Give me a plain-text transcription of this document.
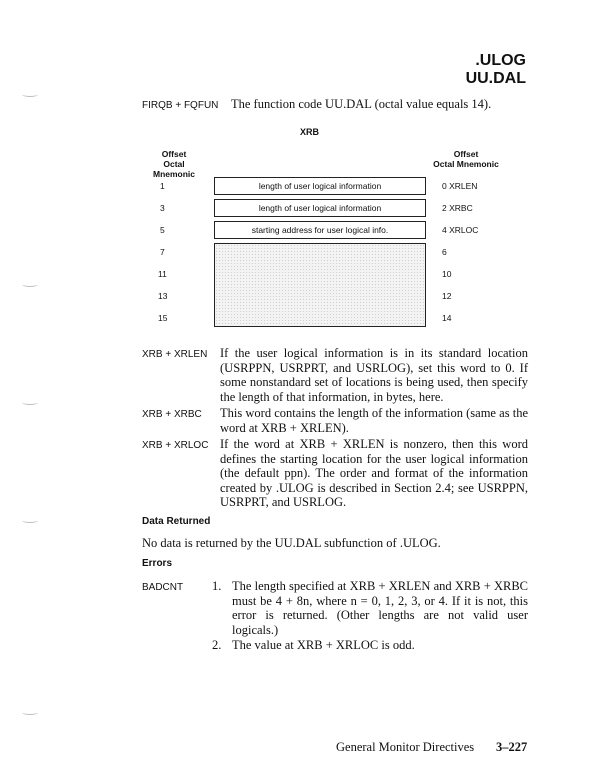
.ULOG
UU.DAL
FIRQB + FQFUN The function code UU.DAL (octal value equals 14).
XRB
Offset
Octal Mnemonic
Offset
Octal Mnemonic
length of user logical information
length of user logical information
starting address for user logical info.
1
3
5
7
11
13
15
0 XRLEN
2 XRBC
4 XRLOC
6
10
12
14
XRB + XRLEN If the user logical information is in its standard location (USRPPN, USRPRT, and USRLOG), set this word to 0. If some nonstandard set of locations is being used, then specify the length of that information, in bytes, here.
XRB + XRBC This word contains the length of the information (same as the word at XRB + XRLEN).
XRB + XRLOC If the word at XRB + XRLEN is nonzero, then this word defines the starting location for the user logical information (the default ppn). The order and format of the information created by .ULOG is described in Section 2.4; see USRPPN, USRPRT, and USRLOG.
Data Returned
No data is returned by the UU.DAL subfunction of .ULOG.
Errors
BADCNT 1. The length specified at XRB + XRLEN and XRB + XRBC must be 4 + 8n, where n = 0, 1, 2, 3, or 4. If it is not, this error is returned. (Other lengths are not valid user logicals.)
2. The value at XRB + XRLOC is odd.
General Monitor Directives 3–227
